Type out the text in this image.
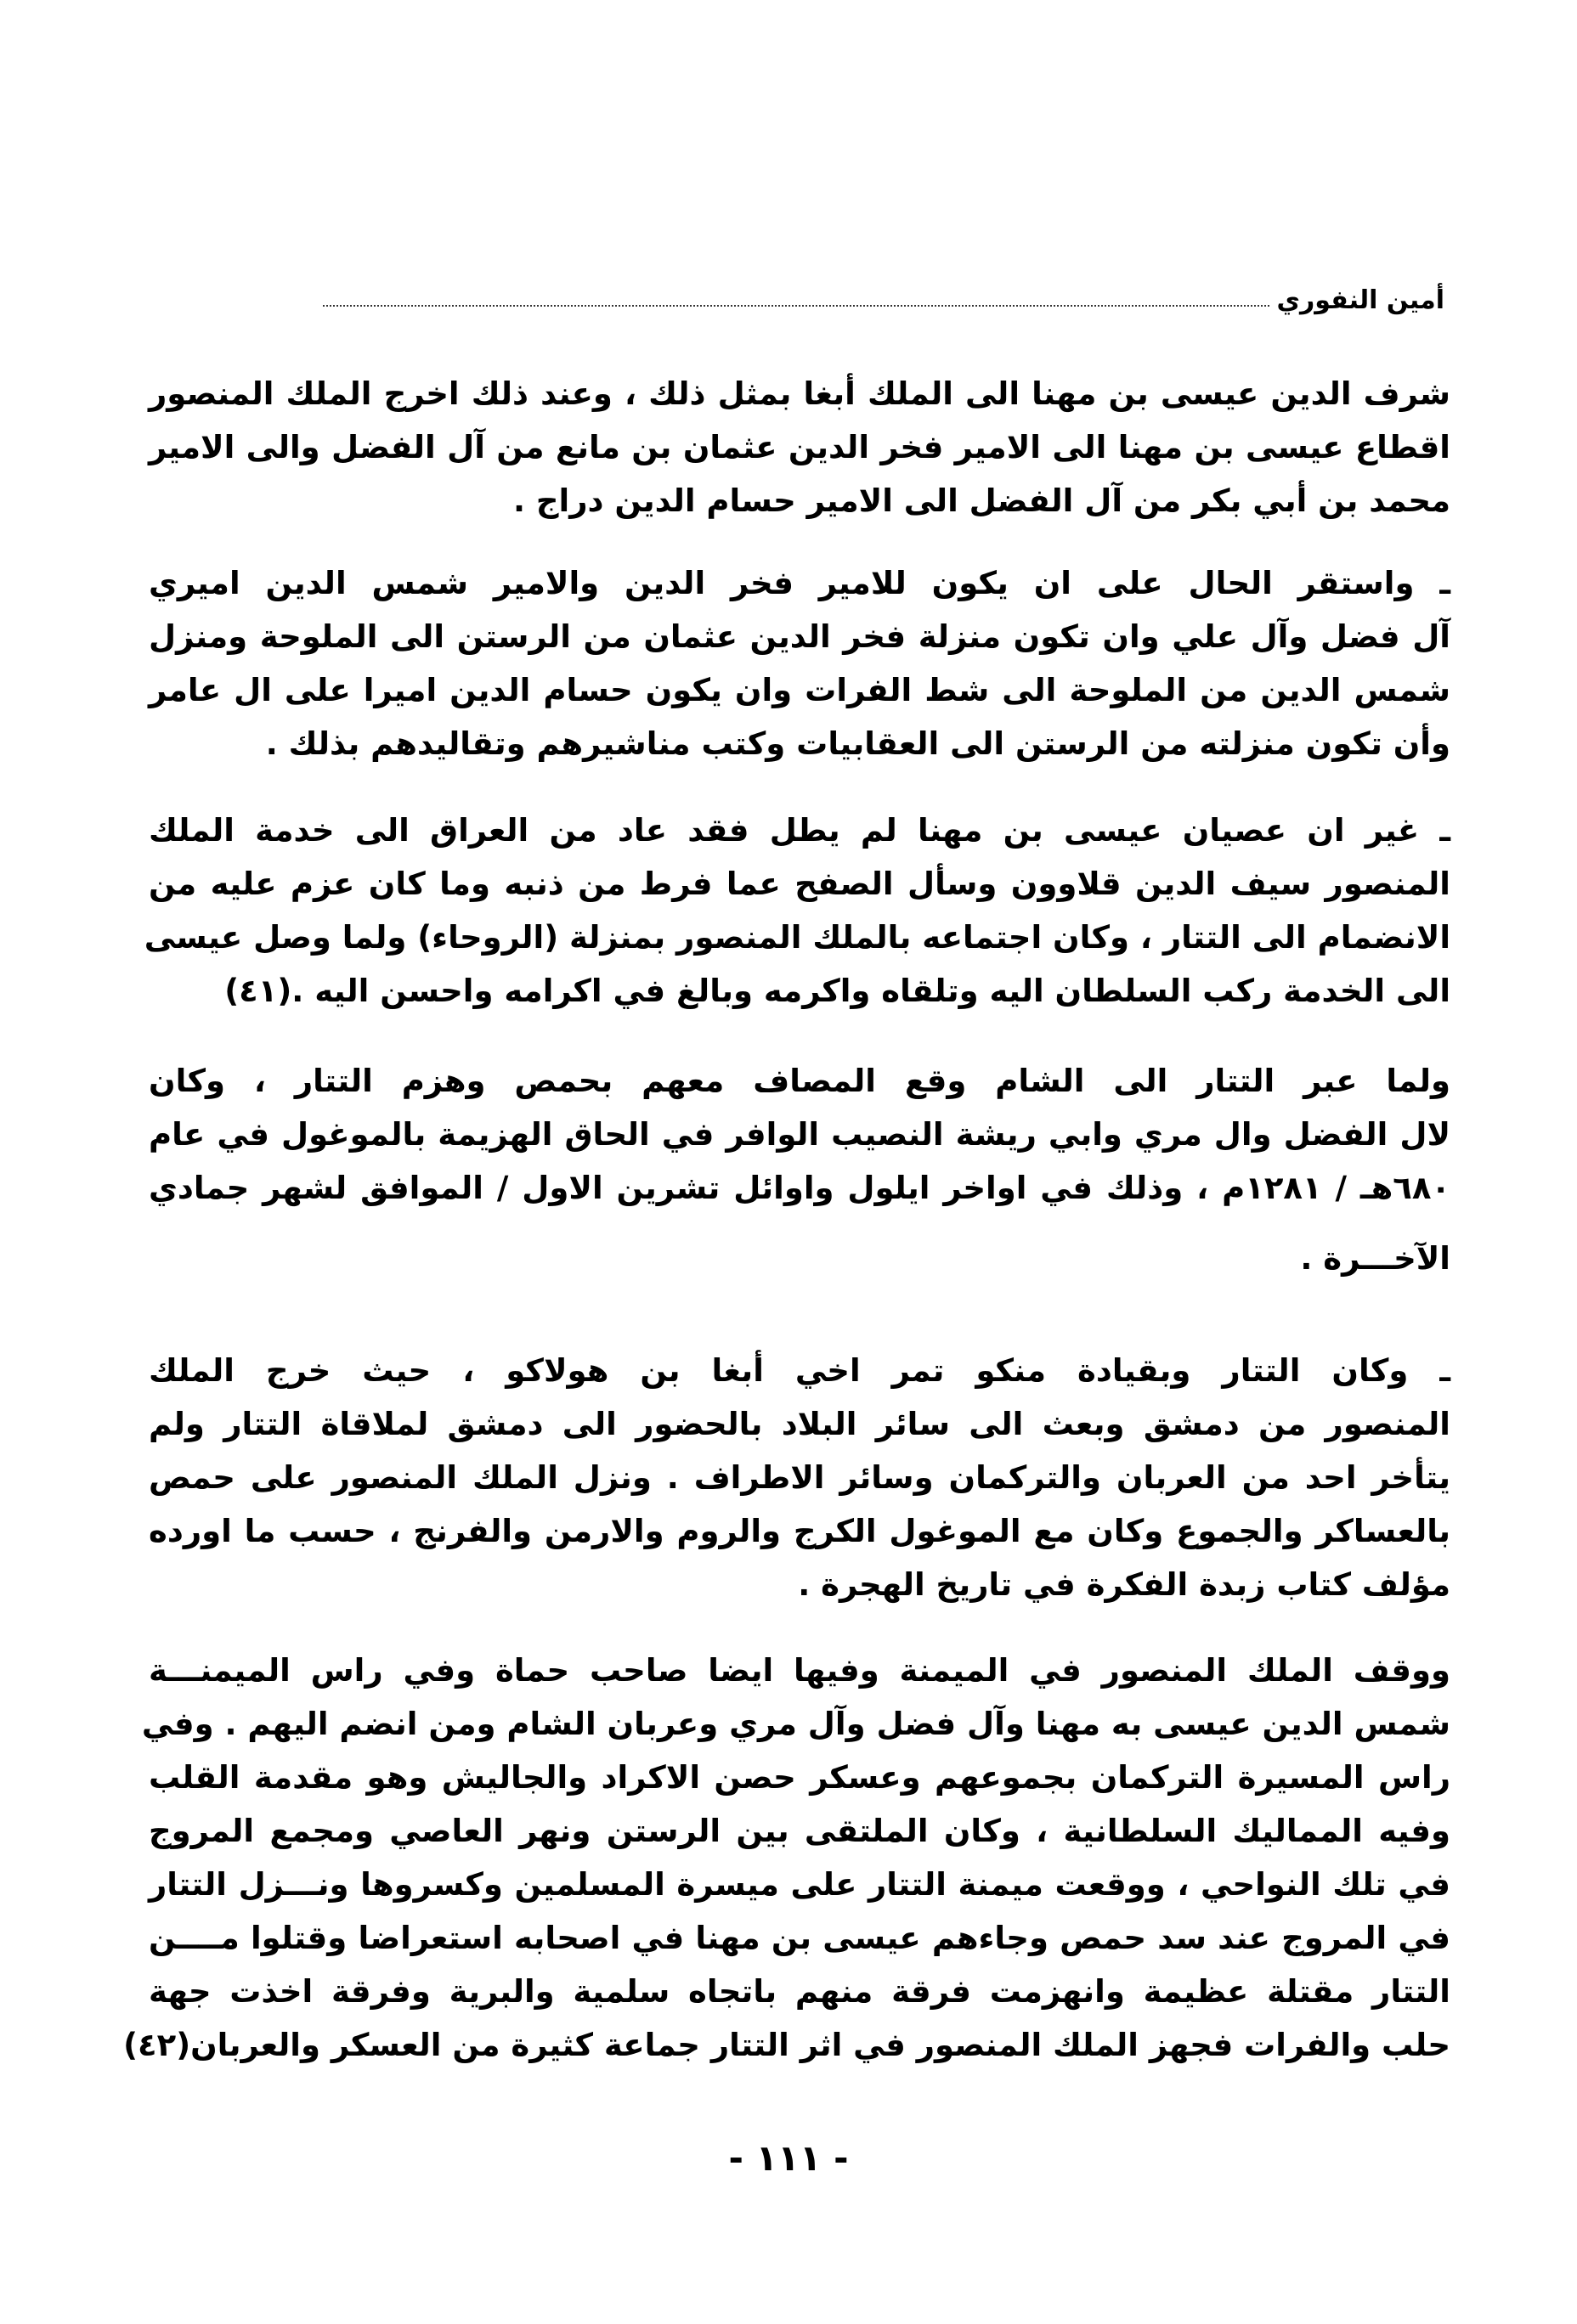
أمين النفوري
شرف الدين عيسى بن مهنا الى الملك أبغا بمثل ذلك ، وعند ذلك اخرج الملك المنصور
اقطاع عيسى بن مهنا الى الامير فخر الدين عثمان بن مانع من آل الفضل والى الامير
محمد بن أبي بكر من آل الفضل الى الامير حسام الدين دراج .
ـ واستقر الحال على ان يكون للامير فخر الدين والامير شمس الدين اميري
آل فضل وآل علي وان تكون منزلة فخر الدين عثمان من الرستن الى الملوحة ومنزل
شمس الدين من الملوحة الى شط الفرات وان يكون حسام الدين اميرا على ال عامر
وأن تكون منزلته من الرستن الى العقابيات وكتب مناشيرهم وتقاليدهم بذلك .
ـ غير ان عصيان عيسى بن مهنا لم يطل فقد عاد من العراق الى خدمة الملك
المنصور سيف الدين قلاوون وسأل الصفح عما فرط من ذنبه وما كان عزم عليه من
الانضمام الى التتار ، وكان اجتماعه بالملك المنصور بمنزلة (الروحاء) ولما وصل عيسى
الى الخدمة ركب السلطان اليه وتلقاه واكرمه وبالغ في اكرامه واحسن اليه .(٤١)
ولما عبر التتار الى الشام وقع المصاف معهم بحمص وهزم التتار ، وكان
لال الفضل وال مري وابي ريشة النصيب الوافر في الحاق الهزيمة بالموغول في عام
٦٨٠هـ / ١٢٨١م ، وذلك في اواخر ايلول واوائل تشرين الاول / الموافق لشهر جمادي
الآخـــرة .
ـ وكان التتار وبقيادة منكو تمر اخي أبغا بن هولاكو ، حيث خرج الملك
المنصور من دمشق وبعث الى سائر البلاد بالحضور الى دمشق لملاقاة التتار ولم
يتأخر احد من العربان والتركمان وسائر الاطراف . ونزل الملك المنصور على حمص
بالعساكر والجموع وكان مع الموغول الكرج والروم والارمن والفرنج ، حسب ما اورده
مؤلف كتاب زبدة الفكرة في تاريخ الهجرة .
ووقف الملك المنصور في الميمنة وفيها ايضا صاحب حماة وفي راس الميمنـــة
شمس الدين عيسى به مهنا وآل فضل وآل مري وعربان الشام ومن انضم اليهم . وفي
راس المسيرة التركمان بجموعهم وعسكر حصن الاكراد والجاليش وهو مقدمة القلب
وفيه المماليك السلطانية ، وكان الملتقى بين الرستن ونهر العاصي ومجمع المروج
في تلك النواحي ، ووقعت ميمنة التتار على ميسرة المسلمين وكسروها ونـــزل التتار
في المروج عند سد حمص وجاءهم عيسى بن مهنا في اصحابه استعراضا وقتلوا مــــن
التتار مقتلة عظيمة وانهزمت فرقة منهم باتجاه سلمية والبرية وفرقة اخذت جهة
حلب والفرات فجهز الملك المنصور في اثر التتار جماعة كثيرة من العسكر والعربان(٤٢)
- ١١١ -
